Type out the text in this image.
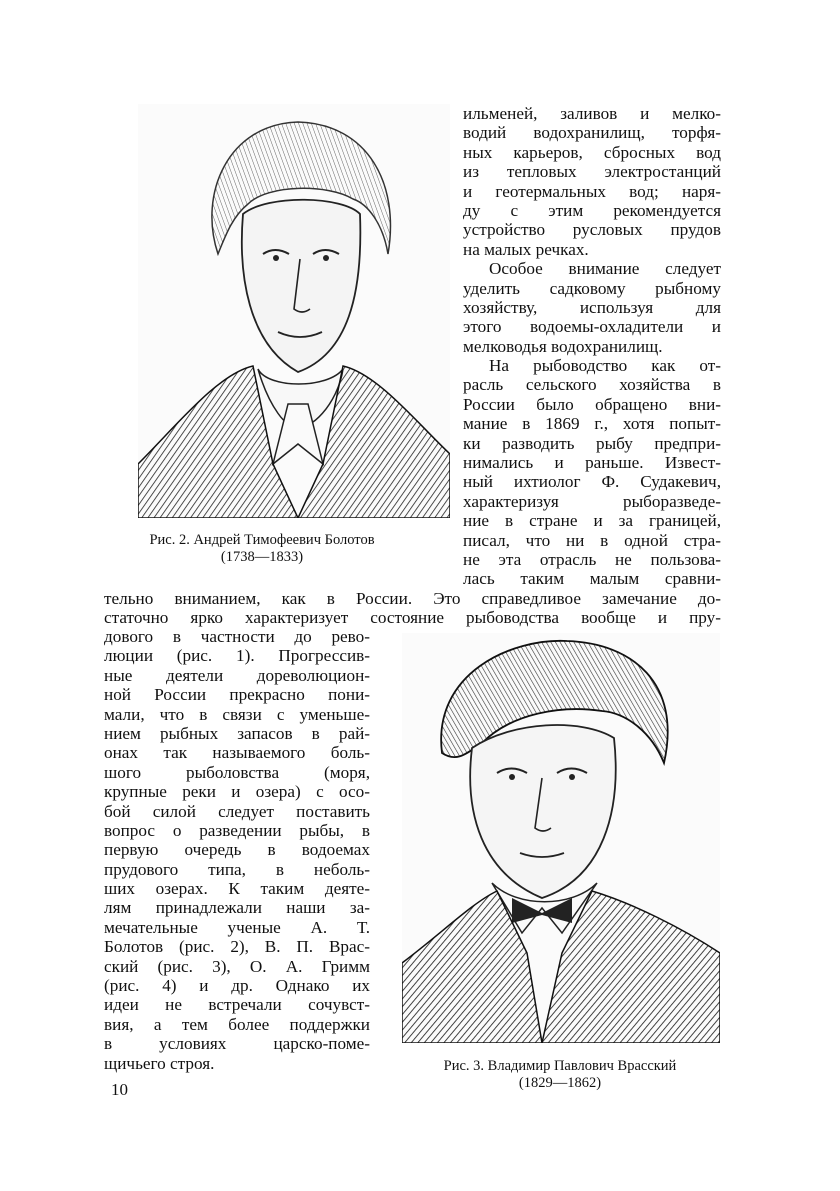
Рис. 2. Андрей Тимофеевич Болотов
(1738—1833)
ильменей, заливов и мелко-
водий водохранилищ, торфя-
ных карьеров, сбросных вод
из тепловых электростанций
и геотермальных вод; наря-
ду с этим рекомендуется
устройство русловых прудов
на малых речках.
Особое внимание следует
уделить садковому рыбному
хозяйству, используя для
этого водоемы-охладители и
мелководья водохранилищ.
На рыбоводство как от-
расль сельского хозяйства в
России было обращено вни-
мание в 1869 г., хотя попыт-
ки разводить рыбу предпри-
нимались и раньше. Извест-
ный ихтиолог Ф. Судакевич,
характеризуя рыборазведе-
ние в стране и за границей,
писал, что ни в одной стра-
не эта отрасль не пользова-
лась таким малым сравни-
тельно вниманием, как в России. Это справедливое замечание до-
статочно ярко характеризует состояние рыбоводства вообще и пру-
дового в частности до рево-
люции (рис. 1). Прогрессив-
ные деятели дореволюцион-
ной России прекрасно пони-
мали, что в связи с уменьше-
нием рыбных запасов в рай-
онах так называемого боль-
шого рыболовства (моря,
крупные реки и озера) с осо-
бой силой следует поставить
вопрос о разведении рыбы, в
первую очередь в водоемах
прудового типа, в неболь-
ших озерах. К таким деяте-
лям принадлежали наши за-
мечательные ученые А. Т.
Болотов (рис. 2), В. П. Врас-
ский (рис. 3), О. А. Гримм
(рис. 4) и др. Однако их
идеи не встречали сочувст-
вия, а тем более поддержки
в условиях царско-поме-
щичьего строя.	Рис. 3. Владимир Павлович Врасский
(1829—1862)
10
